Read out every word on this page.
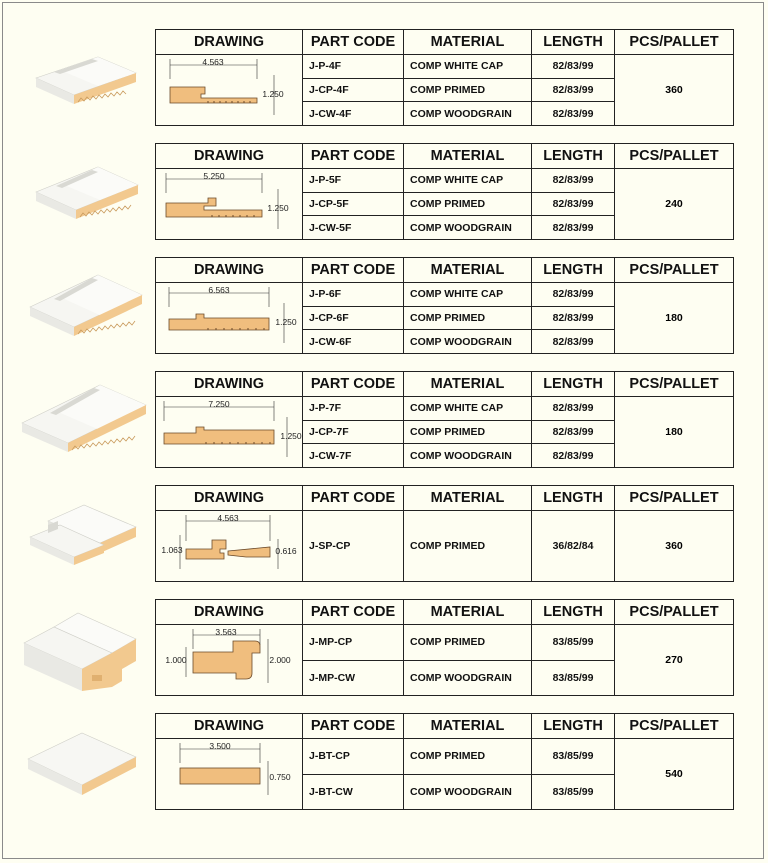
DRAWING	PART CODE	MATERIAL	LENGTH	PCS/PALLET

4.563
1.250	J-P-4F	COMP WHITE CAP	82/83/99	360
	J-CP-4F	COMP PRIMED	82/83/99	
	J-CW-4F	COMP WOODGRAIN	82/83/99	
DRAWING	PART CODE	MATERIAL	LENGTH	PCS/PALLET

5.250
1.250	J-P-5F	COMP WHITE CAP	82/83/99	240
	J-CP-5F	COMP PRIMED	82/83/99	
	J-CW-5F	COMP WOODGRAIN	82/83/99	
DRAWING	PART CODE	MATERIAL	LENGTH	PCS/PALLET

6.563
1.250	J-P-6F	COMP WHITE CAP	82/83/99	180
	J-CP-6F	COMP PRIMED	82/83/99	
	J-CW-6F	COMP WOODGRAIN	82/83/99	
DRAWING	PART CODE	MATERIAL	LENGTH	PCS/PALLET

7.250
1.250	J-P-7F	COMP WHITE CAP	82/83/99	180
	J-CP-7F	COMP PRIMED	82/83/99	
	J-CW-7F	COMP WOODGRAIN	82/83/99	
DRAWING	PART CODE	MATERIAL	LENGTH	PCS/PALLET

4.563
1.063 0.616	J-SP-CP	COMP PRIMED	36/82/84	360
DRAWING	PART CODE	MATERIAL	LENGTH	PCS/PALLET

3.563
1.000 2.000	J-MP-CP	COMP PRIMED	83/85/99	270
	J-MP-CW	COMP WOODGRAIN	83/85/99	
DRAWING	PART CODE	MATERIAL	LENGTH	PCS/PALLET

3.500
0.750	J-BT-CP	COMP PRIMED	83/85/99	540
	J-BT-CW	COMP WOODGRAIN	83/85/99	
